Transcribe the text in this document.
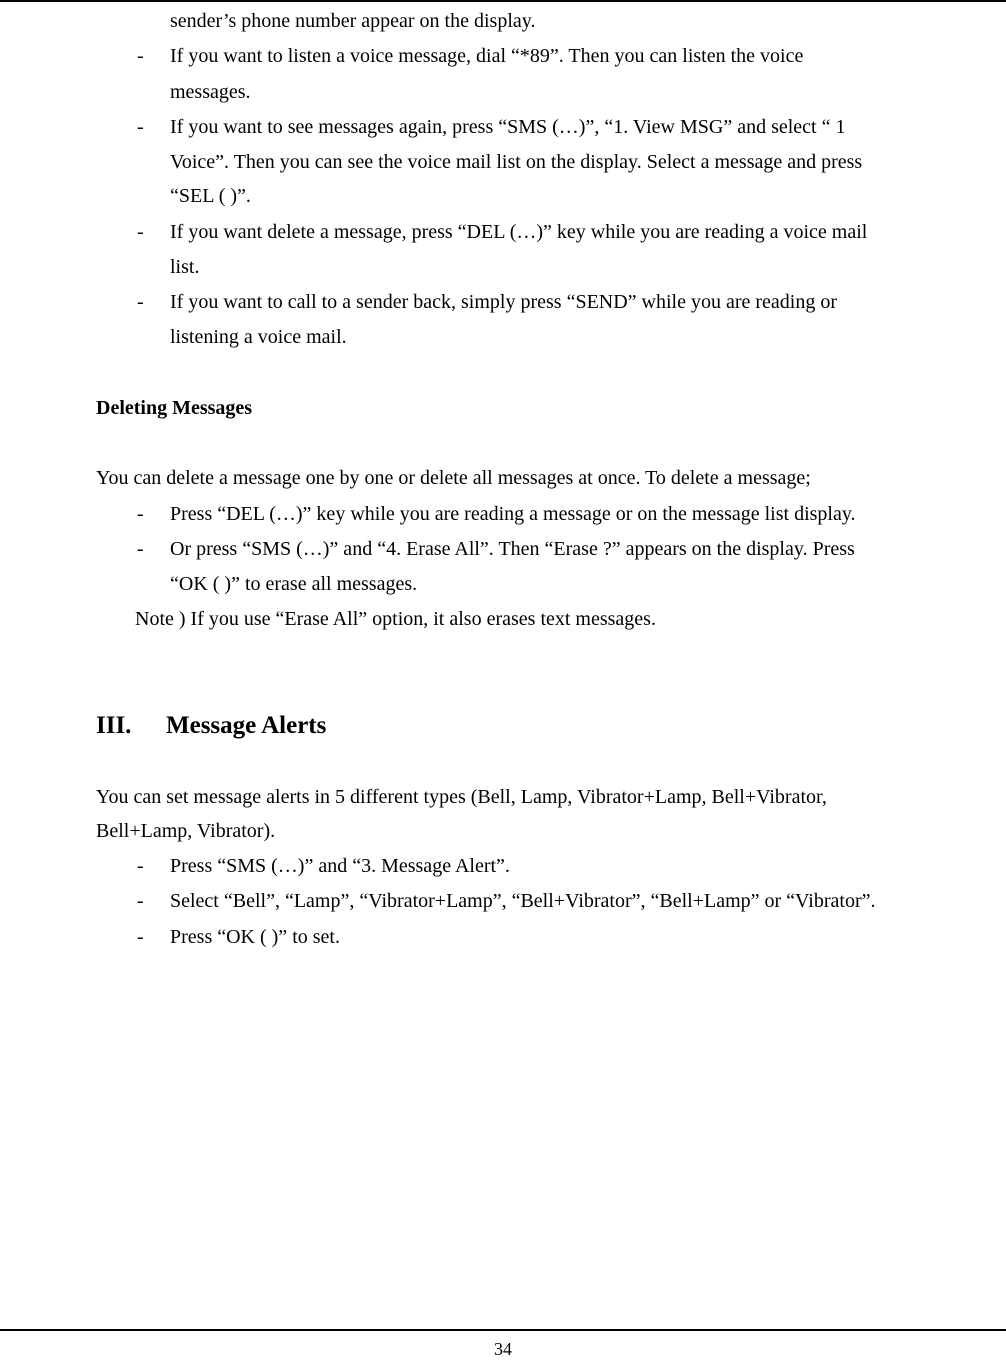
sender’s phone number appear on the display.
- If you want to listen a voice message, dial “*89”. Then you can listen the voice
messages.
- If you want to see messages again, press “SMS (…)”, “1. View MSG” and select “ 1
Voice”. Then you can see the voice mail list on the display. Select a message and press
“SEL ( )”.
- If you want delete a message, press “DEL (…)” key while you are reading a voice mail
list.
- If you want to call to a sender back, simply press “SEND” while you are reading or
listening a voice mail.
Deleting Messages
You can delete a message one by one or delete all messages at once. To delete a message;
- Press “DEL (…)” key while you are reading a message or on the message list display.
- Or press “SMS (…)” and “4. Erase All”. Then “Erase ?” appears on the display. Press
“OK ( )” to erase all messages.
Note ) If you use “Erase All” option, it also erases text messages.
III. Message Alerts
You can set message alerts in 5 different types (Bell, Lamp, Vibrator+Lamp, Bell+Vibrator,
Bell+Lamp, Vibrator).
- Press “SMS (…)” and “3. Message Alert”.
- Select “Bell”, “Lamp”, “Vibrator+Lamp”, “Bell+Vibrator”, “Bell+Lamp” or “Vibrator”.
- Press “OK ( )” to set.
34
